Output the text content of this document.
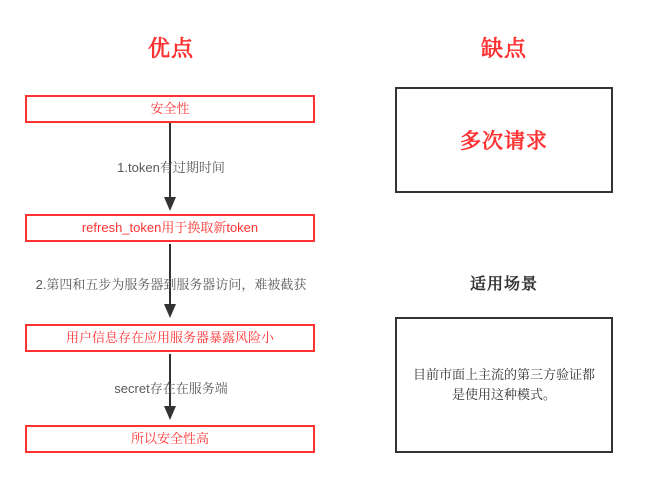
优点	缺点
适用场景
安全性
refresh_token用于换取新token
用户信息存在应用服务器暴露风险小
所以安全性高
1.token有过期时间
2.第四和五步为服务器到服务器访问，难被截获
secret存在在服务端
多次请求
目前市面上主流的第三方验证都是使用这种模式。
